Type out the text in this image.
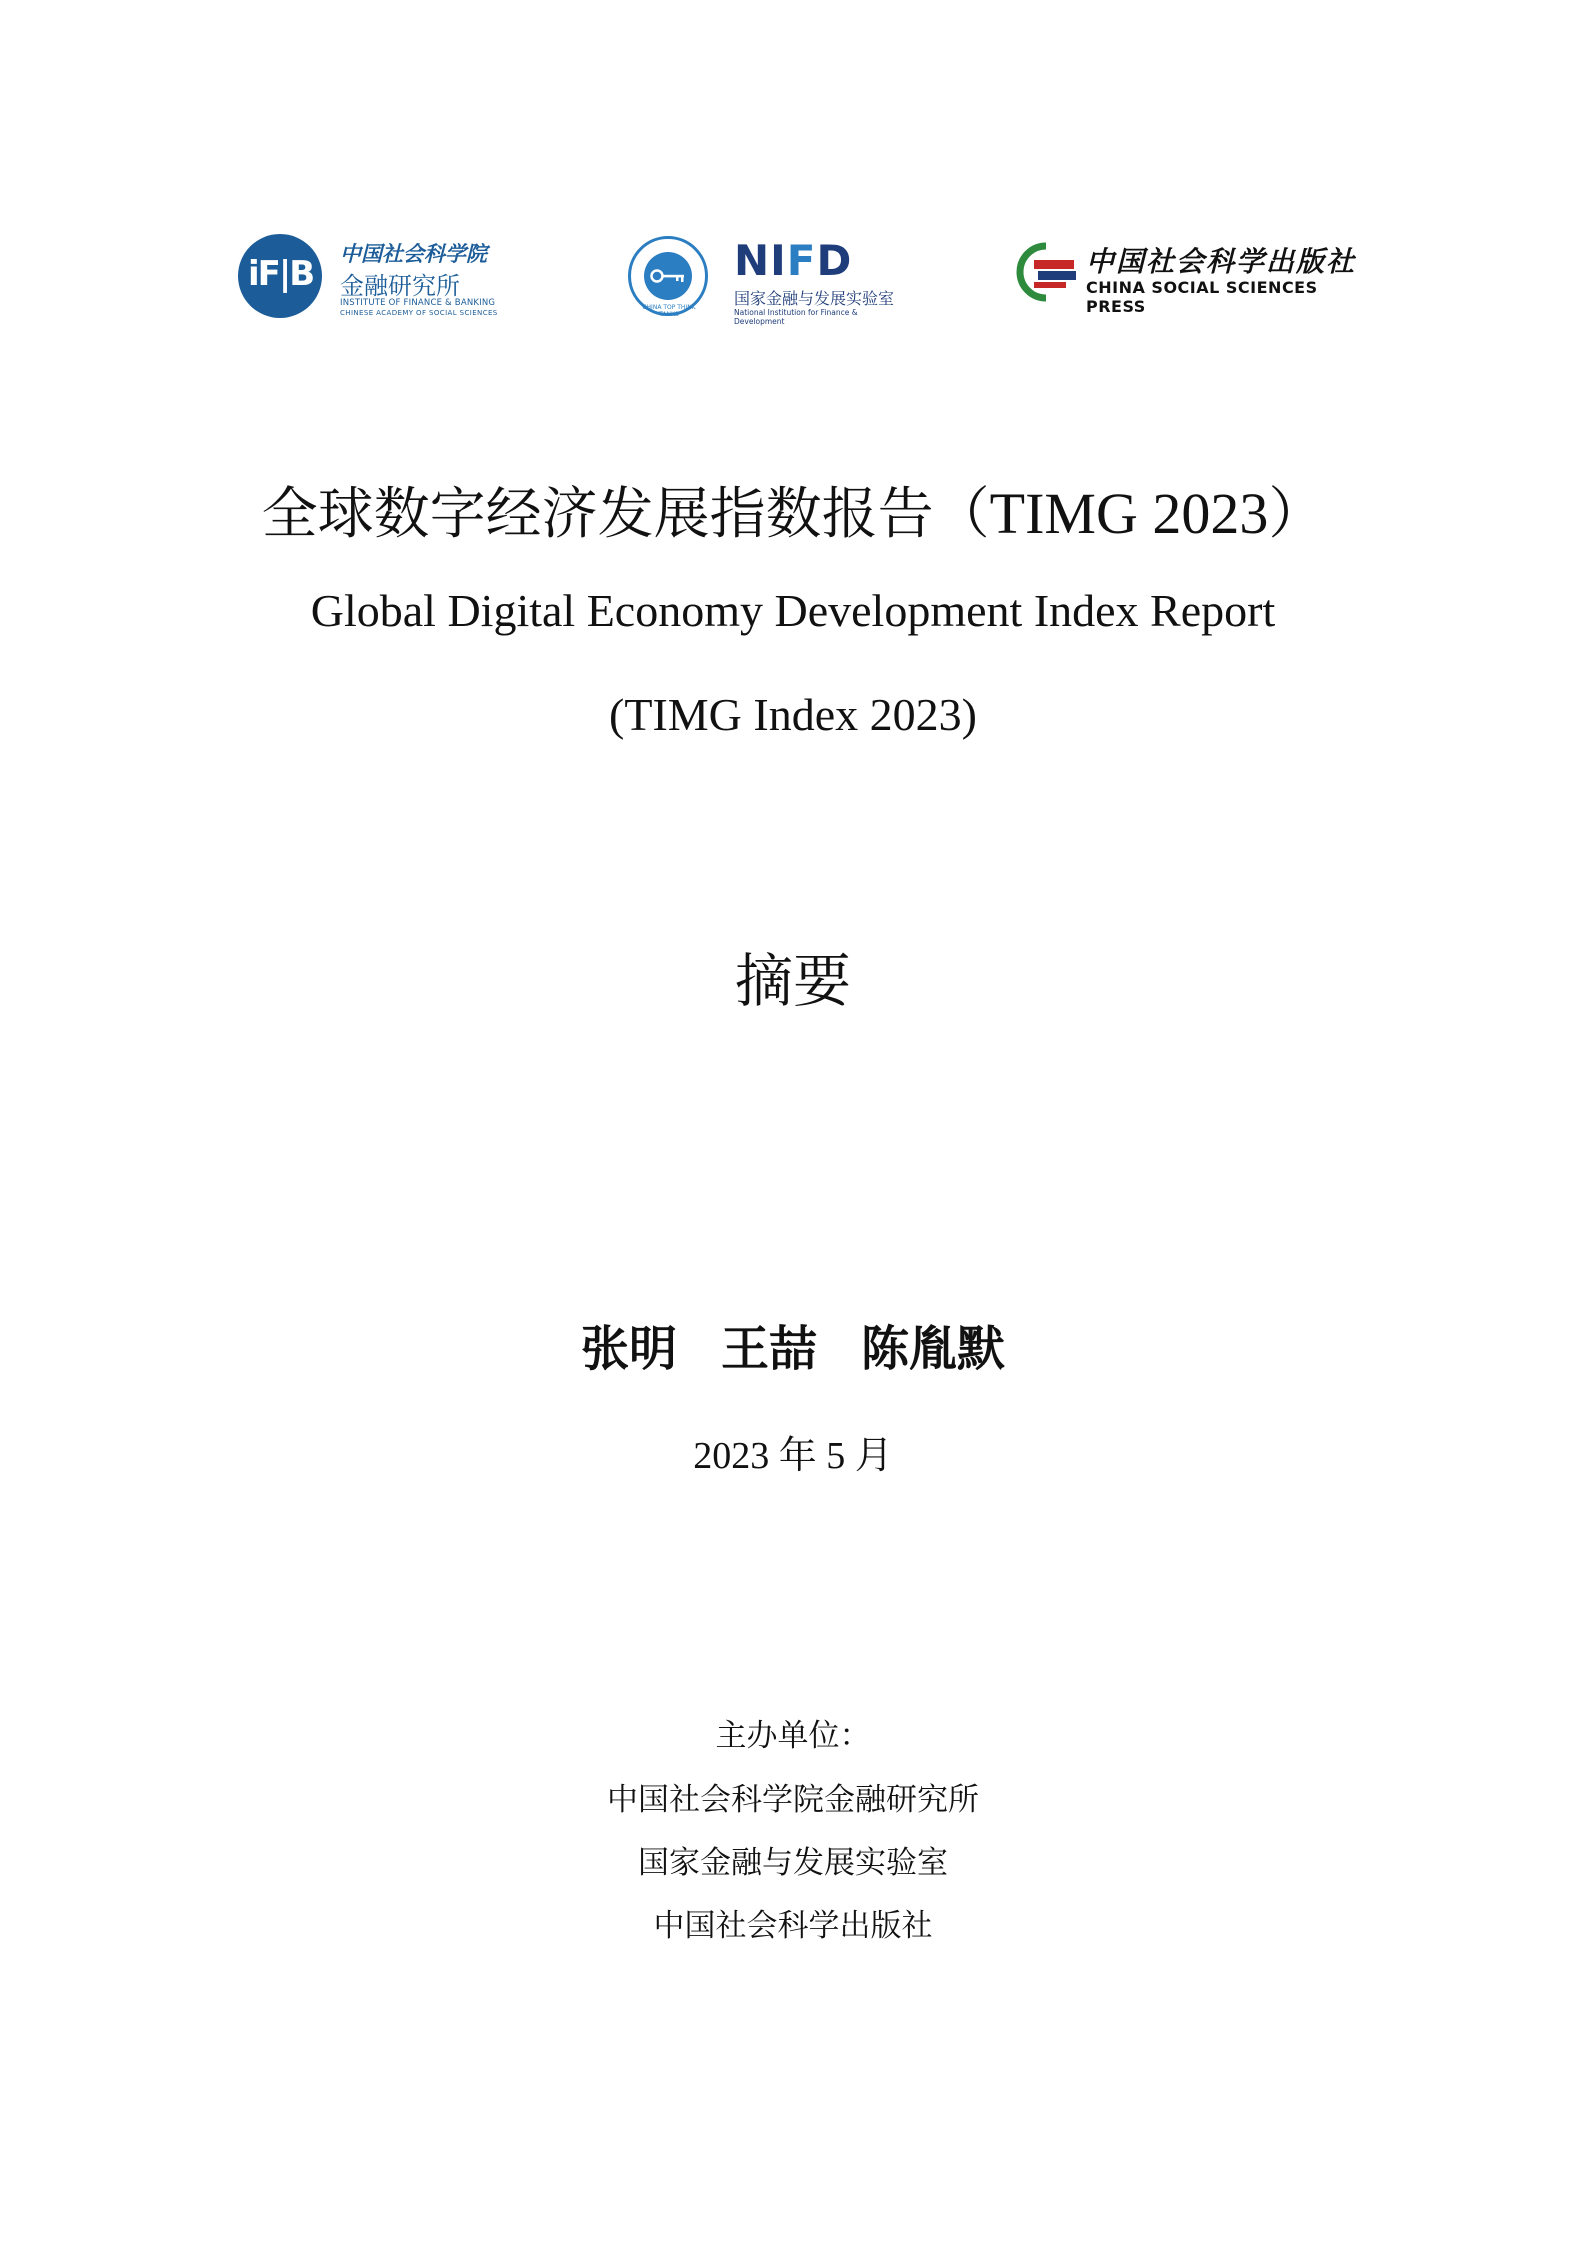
iF|B 中国社会科学院
金融研究所
INSTITUTE OF FINANCE & BANKING
CHINESE ACADEMY OF SOCIAL SCIENCES
CHINA TOP THINK TANKS
NIFD
国家金融与发展实验室
National Institution for Finance & Development
中国社会科学出版社
CHINA SOCIAL SCIENCES PRESS
全球数字经济发展指数报告（TIMG 2023）
Global Digital Economy Development Index Report
(TIMG Index 2023)
摘要
张明 王喆 陈胤默
2023 年 5 月
主办单位：
中国社会科学院金融研究所
国家金融与发展实验室
中国社会科学出版社
